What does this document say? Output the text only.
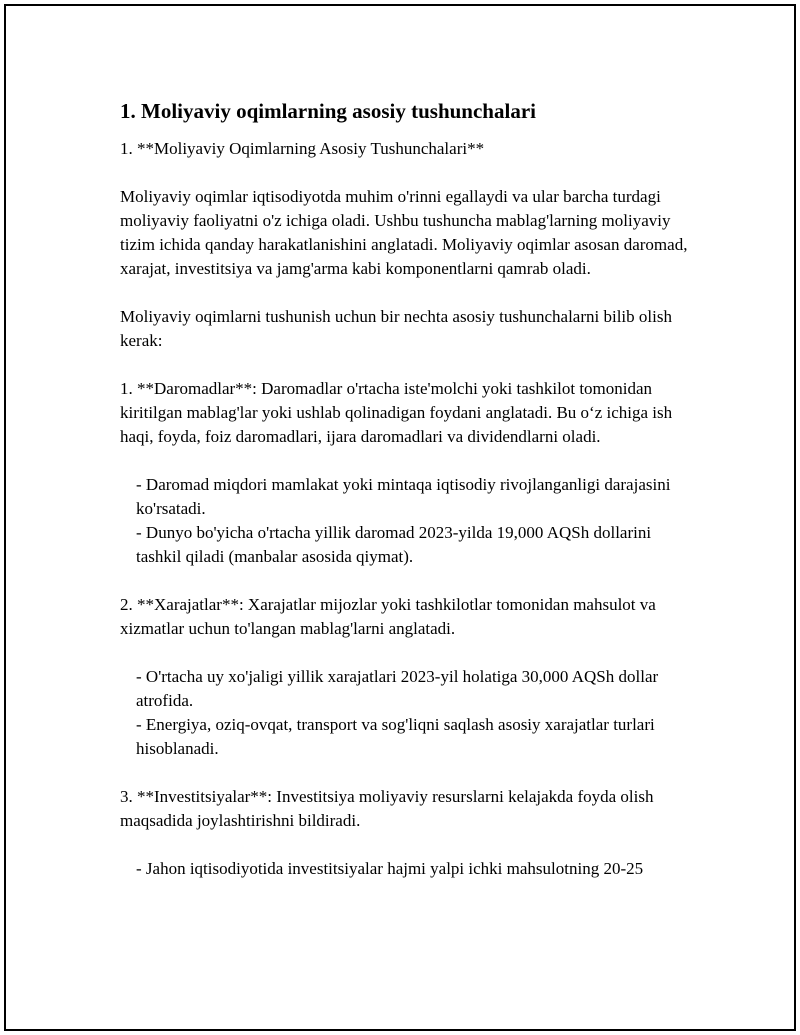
1. Moliyaviy oqimlarning asosiy tushunchalari

1. **Moliyaviy Oqimlarning Asosiy Tushunchalari**

Moliyaviy oqimlar iqtisodiyotda muhim o'rinni egallaydi va ular barcha turdagi moliyaviy faoliyatni o'z ichiga oladi. Ushbu tushuncha mablag'larning moliyaviy tizim ichida qanday harakatlanishini anglatadi. Moliyaviy oqimlar asosan daromad, xarajat, investitsiya va jamg'arma kabi komponentlarni qamrab oladi.

Moliyaviy oqimlarni tushunish uchun bir nechta asosiy tushunchalarni bilib olish kerak:

1. **Daromadlar**: Daromadlar o'rtacha iste'molchi yoki tashkilot tomonidan kiritilgan mablag'lar yoki ushlab qolinadigan foydani anglatadi. Bu o‘z ichiga ish haqi, foyda, foiz daromadlari, ijara daromadlari va dividendlarni oladi.

- Daromad miqdori mamlakat yoki mintaqa iqtisodiy rivojlanganligi darajasini ko'rsatadi.

- Dunyo bo'yicha o'rtacha yillik daromad 2023-yilda 19,000 AQSh dollarini tashkil qiladi (manbalar asosida qiymat).

2. **Xarajatlar**: Xarajatlar mijozlar yoki tashkilotlar tomonidan mahsulot va xizmatlar uchun to'langan mablag'larni anglatadi.

- O'rtacha uy xo'jaligi yillik xarajatlari 2023-yil holatiga 30,000 AQSh dollar atrofida.

- Energiya, oziq-ovqat, transport va sog'liqni saqlash asosiy xarajatlar turlari hisoblanadi.

3. **Investitsiyalar**: Investitsiya moliyaviy resurslarni kelajakda foyda olish maqsadida joylashtirishni bildiradi.

- Jahon iqtisodiyotida investitsiyalar hajmi yalpi ichki mahsulotning 20-25
